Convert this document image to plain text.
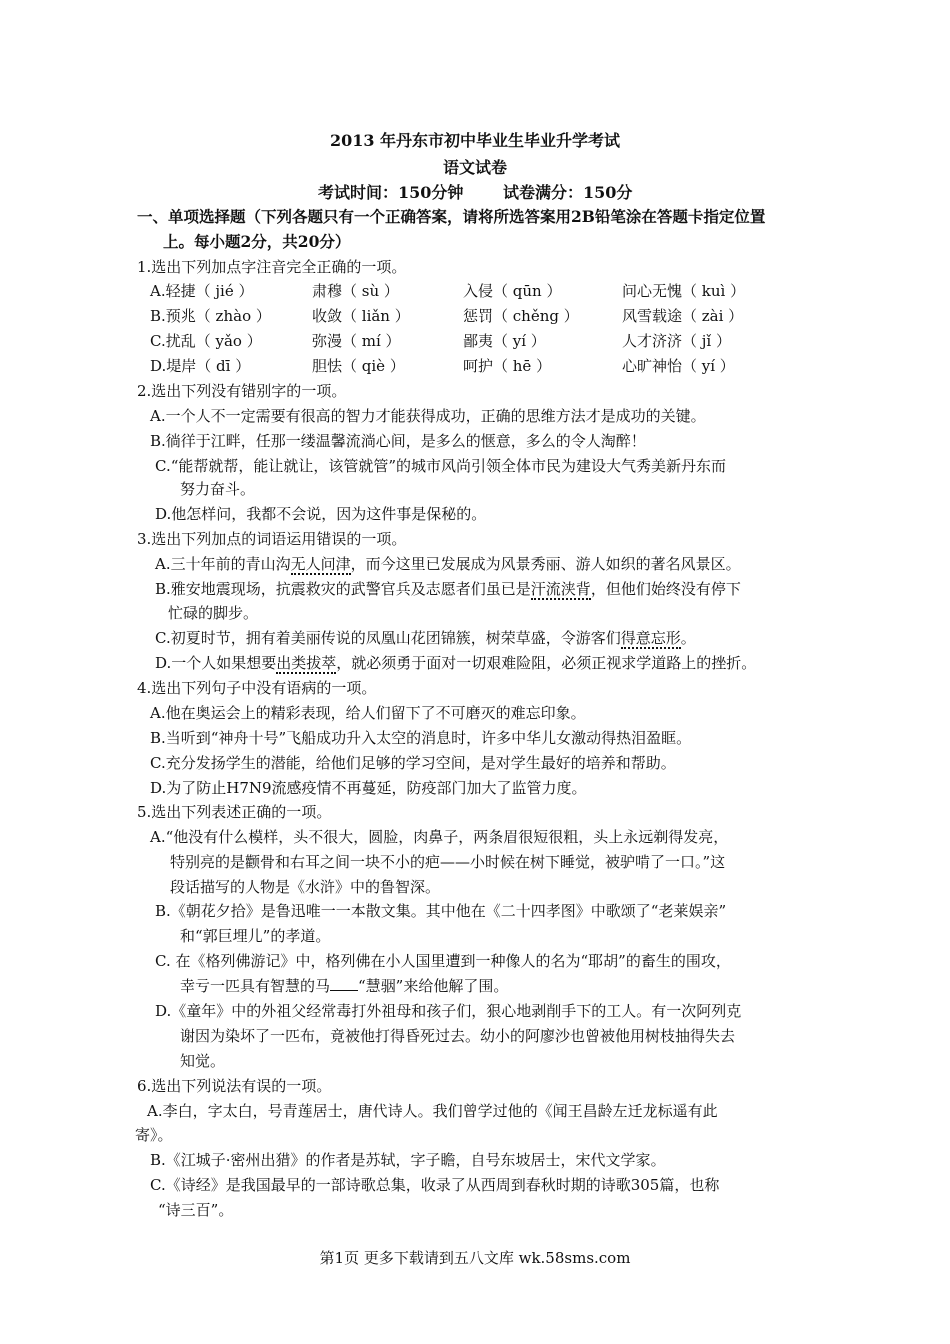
2013 年丹东市初中毕业生毕业升学考试
语文试卷
考试时间：150分钟 试卷满分：150分
一、单项选择题（下列各题只有一个正确答案，请将所选答案用2B铅笔涂在答题卡指定位置
上。每小题2分，共20分）
1.选出下列加点字注音完全正确的一项。
A.轻捷（ jié ）	肃穆（ sù ）	入侵（ qūn ）	问心无愧（ kuì ）
B.预兆（ zhào ）	收敛（ liǎn ）	惩罚（ chěng ）	风雪载途（ zài ）
C.扰乱（ yǎo ）	弥漫（ mí ）	鄙夷（ yí ）	人才济济（ jǐ ）
D.堤岸（ dī ）	胆怯（ qiè ）	呵护（ hē ）	心旷神怡（ yí ）
2.选出下列没有错别字的一项。
A.一个人不一定需要有很高的智力才能获得成功，正确的思维方法才是成功的关键。
B.徜徉于江畔，任那一缕温馨流淌心间，是多么的惬意，多么的令人淘醉！
C.“能帮就帮，能让就让，该管就管”的城市风尚引领全体市民为建设大气秀美新丹东而
努力奋斗。
D.他怎样问，我都不会说，因为这件事是保秘的。
3.选出下列加点的词语运用错误的一项。
A.三十年前的青山沟无人问津，而今这里已发展成为风景秀丽、游人如织的著名风景区。
B.雅安地震现场，抗震救灾的武警官兵及志愿者们虽已是汗流浃背，但他们始终没有停下
忙碌的脚步。
C.初夏时节，拥有着美丽传说的凤凰山花团锦簇，树荣草盛，令游客们得意忘形。
D.一个人如果想要出类拔萃，就必须勇于面对一切艰难险阻，必须正视求学道路上的挫折。
4.选出下列句子中没有语病的一项。
A.他在奥运会上的精彩表现，给人们留下了不可磨灭的难忘印象。
B.当听到“神舟十号”飞船成功升入太空的消息时，许多中华儿女激动得热泪盈眶。
C.充分发扬学生的潜能，给他们足够的学习空间，是对学生最好的培养和帮助。
D.为了防止H7N9流感疫情不再蔓延，防疫部门加大了监管力度。
5.选出下列表述正确的一项。
A.“他没有什么模样，头不很大，圆脸，肉鼻子，两条眉很短很粗，头上永远剃得发亮，
特别亮的是颧骨和右耳之间一块不小的疤——小时候在树下睡觉，被驴啃了一口。”这
段话描写的人物是《水浒》中的鲁智深。
B.《朝花夕拾》是鲁迅唯一一本散文集。其中他在《二十四孝图》中歌颂了“老莱娱亲”
和“郭巨埋儿”的孝道。
C. 在《格列佛游记》中，格列佛在小人国里遭到一种像人的名为“耶胡”的畜生的围攻，
幸亏一匹具有智慧的马 “慧骃”来给他解了围。
D.《童年》中的外祖父经常毒打外祖母和孩子们，狠心地剥削手下的工人。有一次阿列克
谢因为染坏了一匹布，竟被他打得昏死过去。幼小的阿廖沙也曾被他用树枝抽得失去
知觉。
6.选出下列说法有误的一项。
A.李白，字太白，号青莲居士，唐代诗人。我们曾学过他的《闻王昌龄左迁龙标遥有此
寄》。
B.《江城子·密州出猎》的作者是苏轼，字子瞻，自号东坡居士，宋代文学家。
C.《诗经》是我国最早的一部诗歌总集，收录了从西周到春秋时期的诗歌305篇，也称
“诗三百”。
第1页 更多下载请到五八文库 wk.58sms.com
